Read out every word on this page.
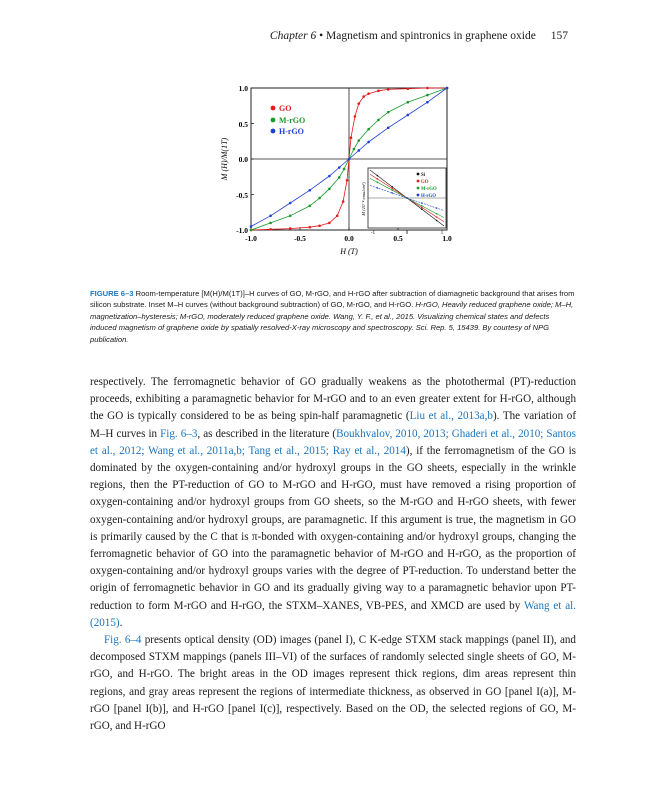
Chapter 6 • Magnetism and spintronics in graphene oxide 157
1.0
0.5
0.0
-0.5
-1.0
-1.0	-0.5	0.0	0.5	1.0
H (T)
M (H)/M(1T)
GO
M-rGO
H-rGO
M (10⁻⁴ emu/cm³)
-1	0	1
Si
GO
M-rGO
H-rGO
FIGURE 6–3 Room-temperature [M(H)/M(1T)]–H curves of GO, M-rGO, and H-rGO after subtraction of diamagnetic background that arises from silicon substrate. Inset M–H curves (without background subtraction) of GO, M-rGO, and H-rGO. H-rGO, Heavily reduced graphene oxide; M–H, magnetization–hysteresis; M-rGO, moderately reduced graphene oxide. Wang, Y. F., et al., 2015. Visualizing chemical states and defects induced magnetism of graphene oxide by spatially resolved-X-ray microscopy and spectroscopy. Sci. Rep. 5, 15439. By courtesy of NPG publication.

respectively. The ferromagnetic behavior of GO gradually weakens as the photothermal (PT)-reduction proceeds, exhibiting a paramagnetic behavior for M-rGO and to an even greater extent for H-rGO, although the GO is typically considered to be as being spin-half paramagnetic (Liu et al., 2013a,b). The variation of M–H curves in Fig. 6–3, as described in the literature (Boukhvalov, 2010, 2013; Ghaderi et al., 2010; Santos et al., 2012; Wang et al., 2011a,b; Tang et al., 2015; Ray et al., 2014), if the ferromagnetism of the GO is dominated by the oxygen-containing and/or hydroxyl groups in the GO sheets, especially in the wrinkle regions, then the PT-reduction of GO to M-rGO and H-rGO, must have removed a rising proportion of oxygen-containing and/or hydroxyl groups from GO sheets, so the M-rGO and H-rGO sheets, with fewer oxygen-containing and/or hydroxyl groups, are paramagnetic. If this argument is true, the magnetism in GO is primarily caused by the C that is π-bonded with oxygen-containing and/or hydroxyl groups, changing the ferromagnetic behavior of GO into the paramagnetic behavior of M-rGO and H-rGO, as the proportion of oxygen-containing and/or hydroxyl groups varies with the degree of PT-reduction. To understand better the origin of ferromagnetic behavior in GO and its gradually giving way to a paramagnetic behavior upon PT-reduction to form M-rGO and H-rGO, the STXM–XANES, VB-PES, and XMCD are used by Wang et al. (2015).

Fig. 6–4 presents optical density (OD) images (panel I), C K-edge STXM stack mappings (panel II), and decomposed STXM mappings (panels III–VI) of the surfaces of randomly selected single sheets of GO, M-rGO, and H-rGO. The bright areas in the OD images represent thick regions, dim areas represent thin regions, and gray areas represent the regions of intermediate thickness, as observed in GO [panel I(a)], M-rGO [panel I(b)], and H-rGO [panel I(c)], respectively. Based on the OD, the selected regions of GO, M-rGO, and H-rGO
